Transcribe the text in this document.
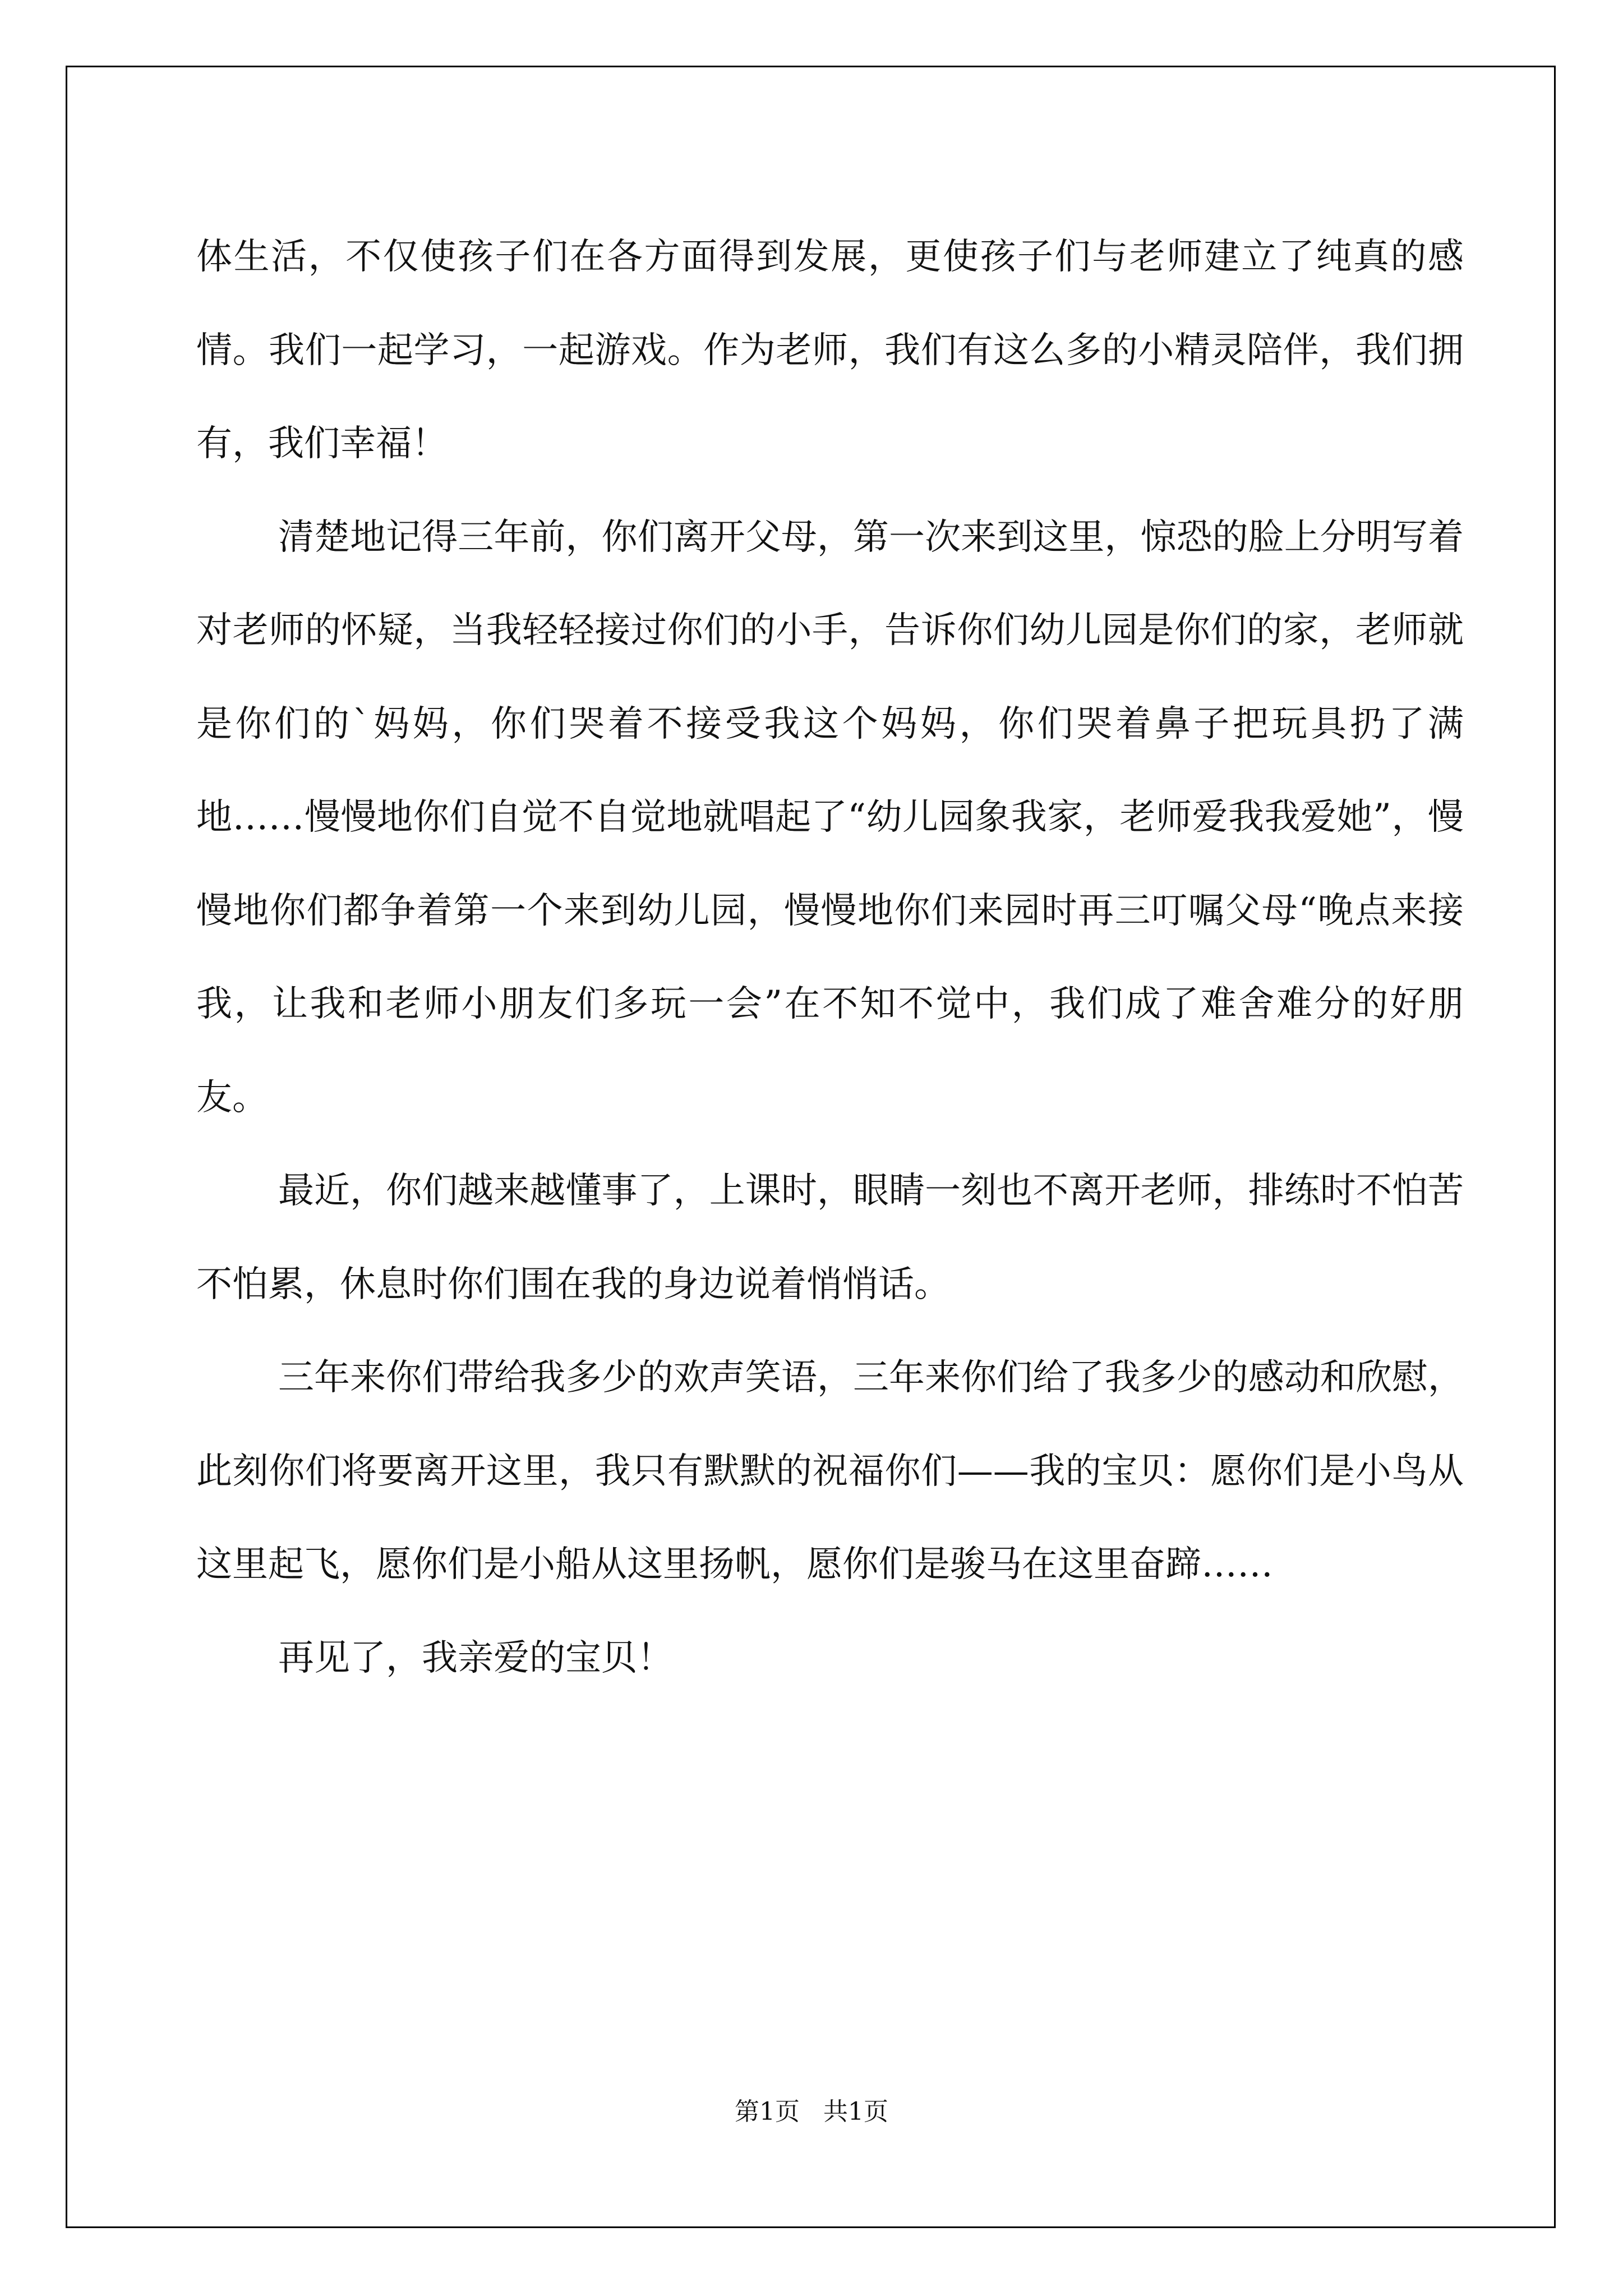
体生活，不仅使孩子们在各方面得到发展，更使孩子们与老师建立了纯真的感情。我们一起学习，一起游戏。作为老师，我们有这么多的小精灵陪伴，我们拥有，我们幸福！

清楚地记得三年前，你们离开父母，第一次来到这里，惊恐的脸上分明写着对老师的怀疑，当我轻轻接过你们的小手，告诉你们幼儿园是你们的家，老师就是你们的`妈妈，你们哭着不接受我这个妈妈，你们哭着鼻子把玩具扔了满地……慢慢地你们自觉不自觉地就唱起了“幼儿园象我家，老师爱我我爱她”，慢慢地你们都争着第一个来到幼儿园，慢慢地你们来园时再三叮嘱父母“晚点来接我，让我和老师小朋友们多玩一会”在不知不觉中，我们成了难舍难分的好朋友。

最近，你们越来越懂事了，上课时，眼睛一刻也不离开老师，排练时不怕苦不怕累，休息时你们围在我的身边说着悄悄话。

三年来你们带给我多少的欢声笑语，三年来你们给了我多少的感动和欣慰，此刻你们将要离开这里，我只有默默的祝福你们——我的宝贝：愿你们是小鸟从这里起飞，愿你们是小船从这里扬帆，愿你们是骏马在这里奋蹄……

再见了，我亲爱的宝贝！

第1页 共1页
